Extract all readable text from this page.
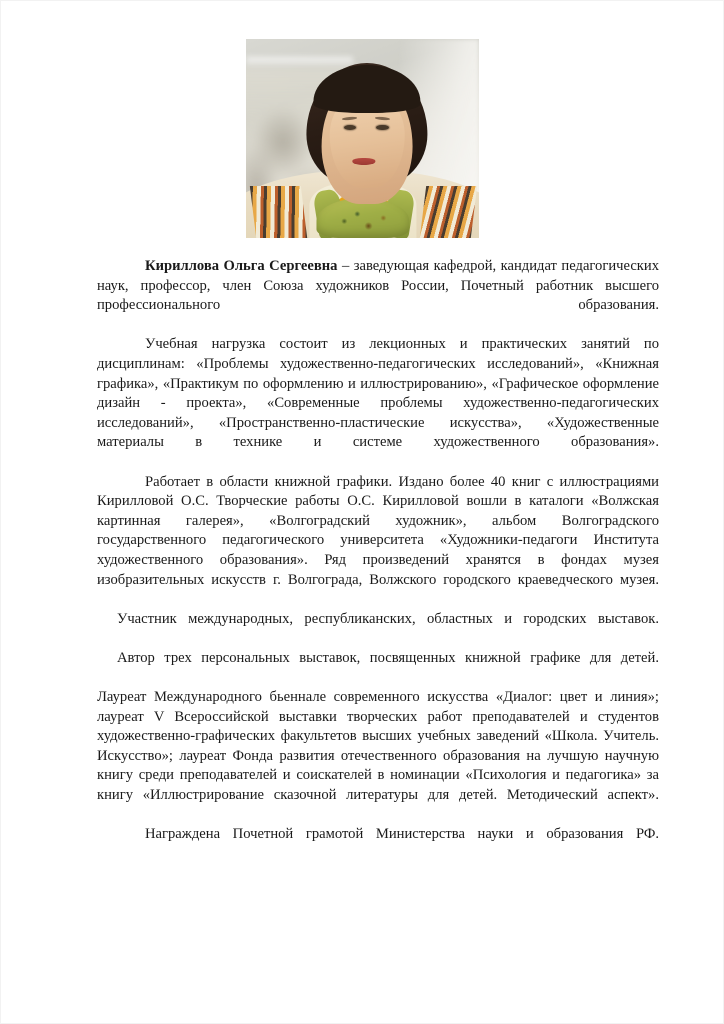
Кириллова Ольга Сергеевна – заведующая кафедрой, кандидат педагогических наук, профессор, член Союза художников России, Почетный работник высшего профессионального образования.

Учебная нагрузка состоит из лекционных и практических занятий по дисциплинам: «Проблемы художественно-педагогических исследований», «Книжная графика», «Практикум по оформлению и иллюстрированию», «Графическое оформление дизайн - проекта», «Современные проблемы художественно-педагогических исследований», «Пространственно-пластические искусства», «Художественные материалы в технике и системе художественного образования».

Работает в области книжной графики. Издано более 40 книг с иллюстрациями Кирилловой О.С. Творческие работы О.С. Кирилловой вошли в каталоги «Волжская картинная галерея», «Волгоградский художник», альбом Волгоградского государственного педагогического университета «Художники-педагоги Института художественного образования». Ряд произведений хранятся в фондах музея изобразительных искусств г. Волгограда, Волжского городского краеведческого музея.

Участник международных, республиканских, областных и городских выставок.

Автор трех персональных выставок, посвященных книжной графике для детей.

Лауреат Международного бьеннале современного искусства «Диалог: цвет и линия»; лауреат V Всероссийской выставки творческих работ преподавателей и студентов художественно-графических факультетов высших учебных заведений «Школа. Учитель. Искусство»; лауреат Фонда развития отечественного образования на лучшую научную книгу среди преподавателей и соискателей в номинации «Психология и педагогика» за книгу «Иллюстрирование сказочной литературы для детей. Методический аспект».

Награждена Почетной грамотой Министерства науки и образования РФ.
